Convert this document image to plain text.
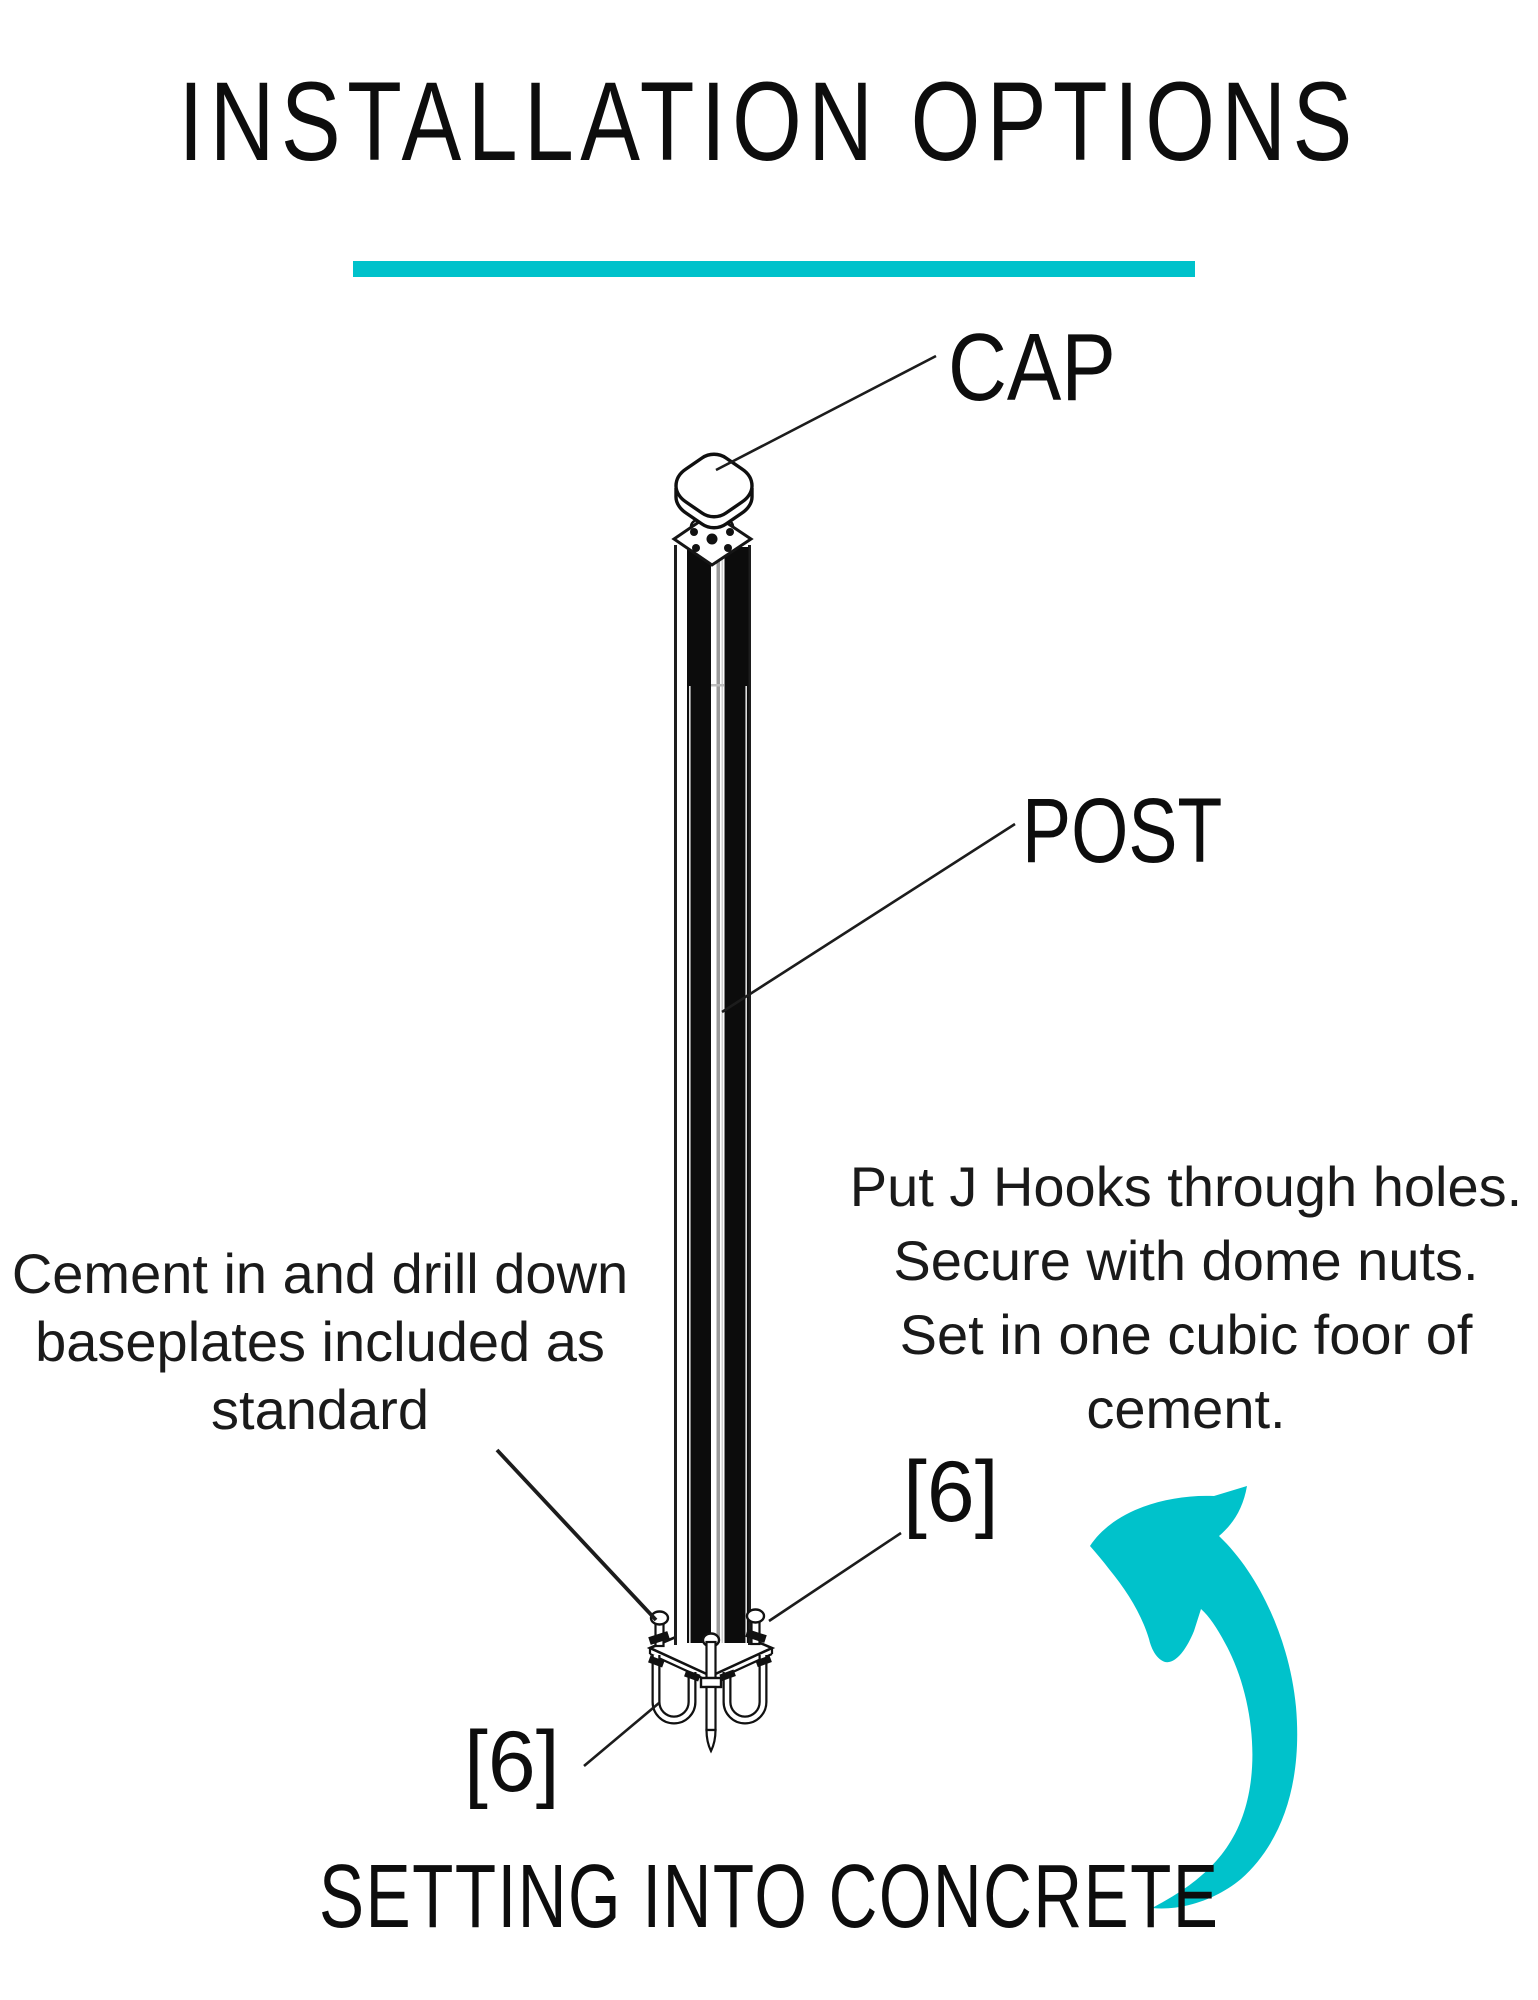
INSTALLATION OPTIONS
CAP
POST
Cement in and drill down
baseplates included as
standard
Put J Hooks through holes.
Secure with dome nuts.
Set in one cubic foor of
cement.
[6]
[6]
SETTING INTO CONCRETE
